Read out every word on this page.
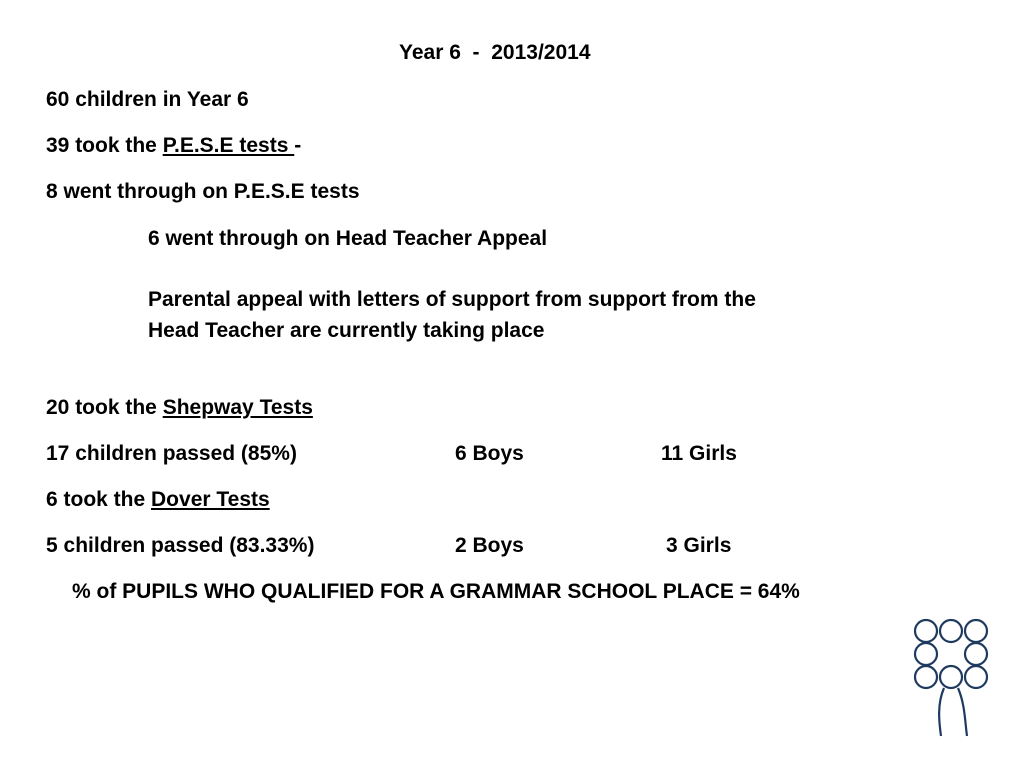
Year 6  -  2013/2014
60 children in Year 6
39 took the P.E.S.E tests -
8 went through on P.E.S.E tests
6 went through on Head Teacher Appeal
Parental appeal with letters of support from support from the
Head Teacher are currently taking place
20 took the Shepway Tests
17 children passed (85%)	6 Boys	11 Girls
6 took the Dover Tests
5 children passed (83.33%)	2 Boys	3 Girls
% of PUPILS WHO QUALIFIED FOR A GRAMMAR SCHOOL PLACE = 64%
